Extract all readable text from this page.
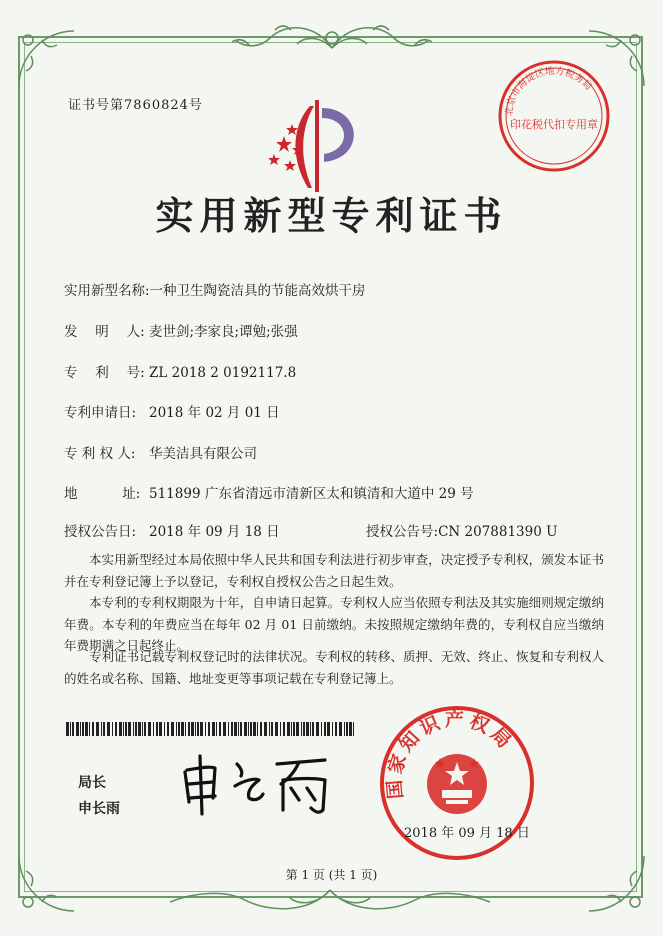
证书号第7860824号	北京市海淀区地方税务局
印花税代扣专用章
实用新型专利证书
实用新型名称:一种卫生陶瓷洁具的节能高效烘干房
发　 明　 人: 麦世剑;李家良;谭勉;张强
专　 利　 号: ZL 2018 2 0192117.8
专利申请日: 2018 年 02 月 01 日
专 利 权 人: 华美洁具有限公司
地　　　 址: 511899 广东省清远市清新区太和镇清和大道中 29 号
授权公告日: 2018 年 09 月 18 日	授权公告号:CN 207881390 U
本实用新型经过本局依照中华人民共和国专利法进行初步审查，决定授予专利权，颁发本证书并在专利登记簿上予以登记，专利权自授权公告之日起生效。
本专利的专利权期限为十年，自申请日起算。专利权人应当依照专利法及其实施细则规定缴纳年费。本专利的年费应当在每年 02 月 01 日前缴纳。未按照规定缴纳年费的，专利权自应当缴纳年费期满之日起终止。
专利证书记载专利权登记时的法律状况。专利权的转移、质押、无效、终止、恢复和专利权人的姓名或名称、国籍、地址变更等事项记载在专利登记簿上。
局长
申长雨
国家知识产权局
2018 年 09 月 18 日
第 1 页 (共 1 页)
